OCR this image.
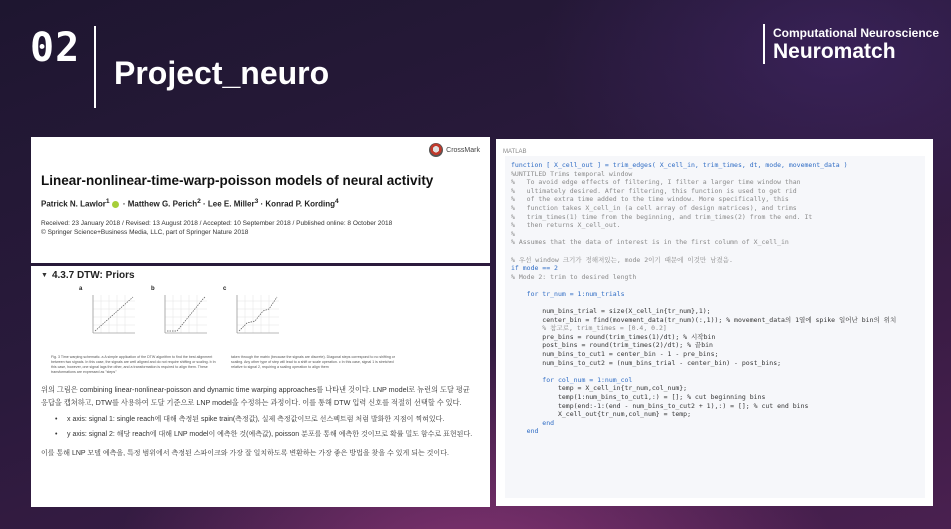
02
Project_neuro
Computational Neuroscience
Neuromatch
CrossMark
Linear-nonlinear-time-warp-poisson models of neural activity
Patrick N. Lawlor$^1$ · Matthew G. Perich$^2$ · Lee E. Miller$^3$ · Konrad P. Kording$^4$
Received: 23 January 2018 / Revised: 13 August 2018 / Accepted: 10 September 2018 / Published online: 8 October 2018
© Springer Science+Business Media, LLC, part of Springer Nature 2018
▼ 4.3.7 DTW: Priors
a	b	c
Fig. 3 Time warping schematic. a A simple application of the DTW algorithm to find the best alignment between two signals. In this case, the signals are well aligned and do not require shifting or scaling. b In this case, however, one signal lags the other, and a transformation is required to align them. These transformations are expressed as "steps"
taken through the matrix (because the signals are discrete). Diagonal steps correspond to no shifting or scaling. Any other type of step will lead to a shift or scale operation. c In this case, signal 1 is stretched relative to signal 2, requiring a scaling operation to align them

위의 그림은 combining linear-nonlinear-poisson and dynamic time warping approaches를 나타낸 것이다. LNP model로 뉴런의 도달 평균 응답을 캡쳐하고, DTW를 사용하여 도달 기준으로 LNP model을 수정하는 과정이다. 이를 통해 DTW 입력 신호를 적절히 선택할 수 있다.

• x axis: signal 1: single reach에 대해 측정된 spike train(측정값), 실제 측정값이므로 선스펙트럼 처럼 발화한 지점이 찍혀있다.
• y axis: signal 2: 해당 reach에 대해 LNP model이 예측한 것(예측값), poisson 분포를 통해 예측한 것이므로 확률 밀도 함수로 표현된다.

이를 통해 LNP 모델 예측을, 특정 범위에서 측정된 스파이크와 가장 잘 일치하도록 변환하는 가장 좋은 방법을 찾을 수 있게 되는 것이다.

MATLAB
function [ X_cell_out ] = trim_edges( X_cell_in, trim_times, dt, mode, movement_data )
%UNTITLED Trims temporal window
%   To avoid edge effects of filtering, I filter a larger time window than
%   ultimately desired. After filtering, this function is used to get rid
%   of the extra time added to the time window. More specifically, this
%   function takes X_cell_in (a cell array of design matrices), and trims
%   trim_times(1) time from the beginning, and trim_times(2) from the end. It
%   then returns X_cell_out.
%
% Assumes that the data of interest is in the first column of X_cell_in
% 우선 window 크기가 정해져있는, mode 2이기 때문에 이것만 남겼음.
if mode == 2
% Mode 2: trim to desired length
for tr_num = 1:num_trials
num_bins_trial = size(X_cell_in{tr_num},1);
center_bin = find(movement_data(tr_num)(:,1)); % movement_data의 1열에 spike 일어난 bin의 위치
% 참고로, trim_times = [0.4, 0.2]
pre_bins = round(trim_times(1)/dt); % 시작bin
post_bins = round(trim_times(2)/dt); % 끝bin
num_bins_to_cut1 = center_bin - 1 - pre_bins;
num_bins_to_cut2 = (num_bins_trial - center_bin) - post_bins;
for col_num = 1:num_col
temp = X_cell_in{tr_num,col_num};
temp(1:num_bins_to_cut1,:) = []; % cut beginning bins
temp(end:-1:(end - num_bins_to_cut2 + 1),:) = []; % cut end bins
X_cell_out{tr_num,col_num} = temp;
end
end
